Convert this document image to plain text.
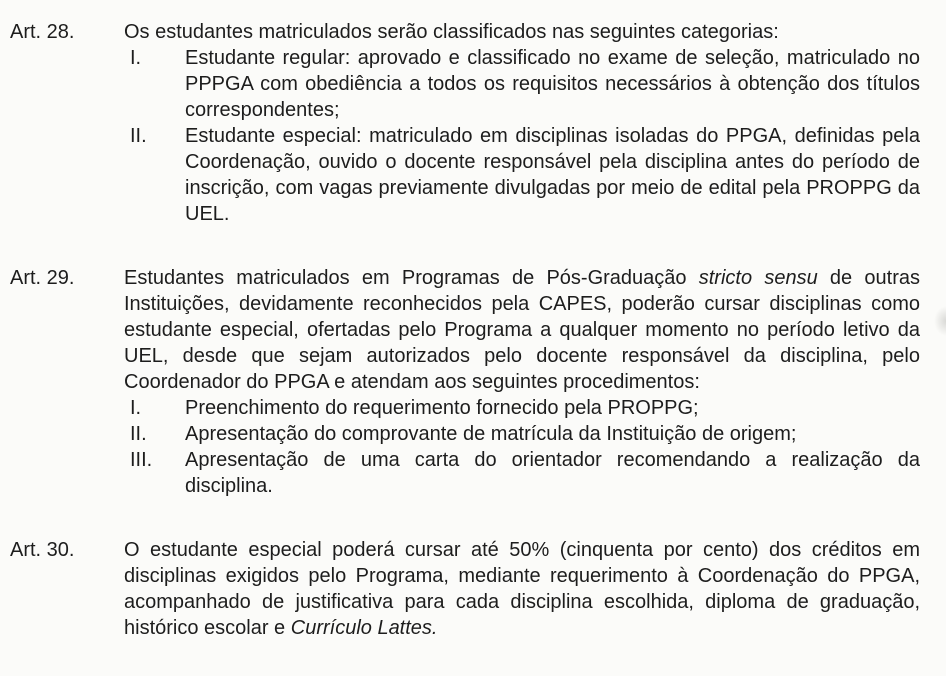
Art. 28.	Os estudantes matriculados serão classificados nas seguintes categorias:

I.	Estudante regular: aprovado e classificado no exame de seleção, matriculado no PPPGA com obediência a todos os requisitos necessários à obtenção dos títulos correspondentes;
II.	Estudante especial: matriculado em disciplinas isoladas do PPGA, definidas pela Coordenação, ouvido o docente responsável pela disciplina antes do período de inscrição, com vagas previamente divulgadas por meio de edital pela PROPPG da UEL.
Art. 29.	Estudantes matriculados em Programas de Pós-Graduação stricto sensu de outras Instituições, devidamente reconhecidos pela CAPES, poderão cursar disciplinas como estudante especial, ofertadas pelo Programa a qualquer momento no período letivo da UEL, desde que sejam autorizados pelo docente responsável da disciplina, pelo Coordenador do PPGA e atendam aos seguintes procedimentos:

I.	Preenchimento do requerimento fornecido pela PROPPG;
II.	Apresentação do comprovante de matrícula da Instituição de origem;
III.	Apresentação de uma carta do orientador recomendando a realização da disciplina.
Art. 30.	O estudante especial poderá cursar até 50% (cinquenta por cento) dos créditos em disciplinas exigidos pelo Programa, mediante requerimento à Coordenação do PPGA, acompanhado de justificativa para cada disciplina escolhida, diploma de graduação, histórico escolar e Currículo Lattes.
